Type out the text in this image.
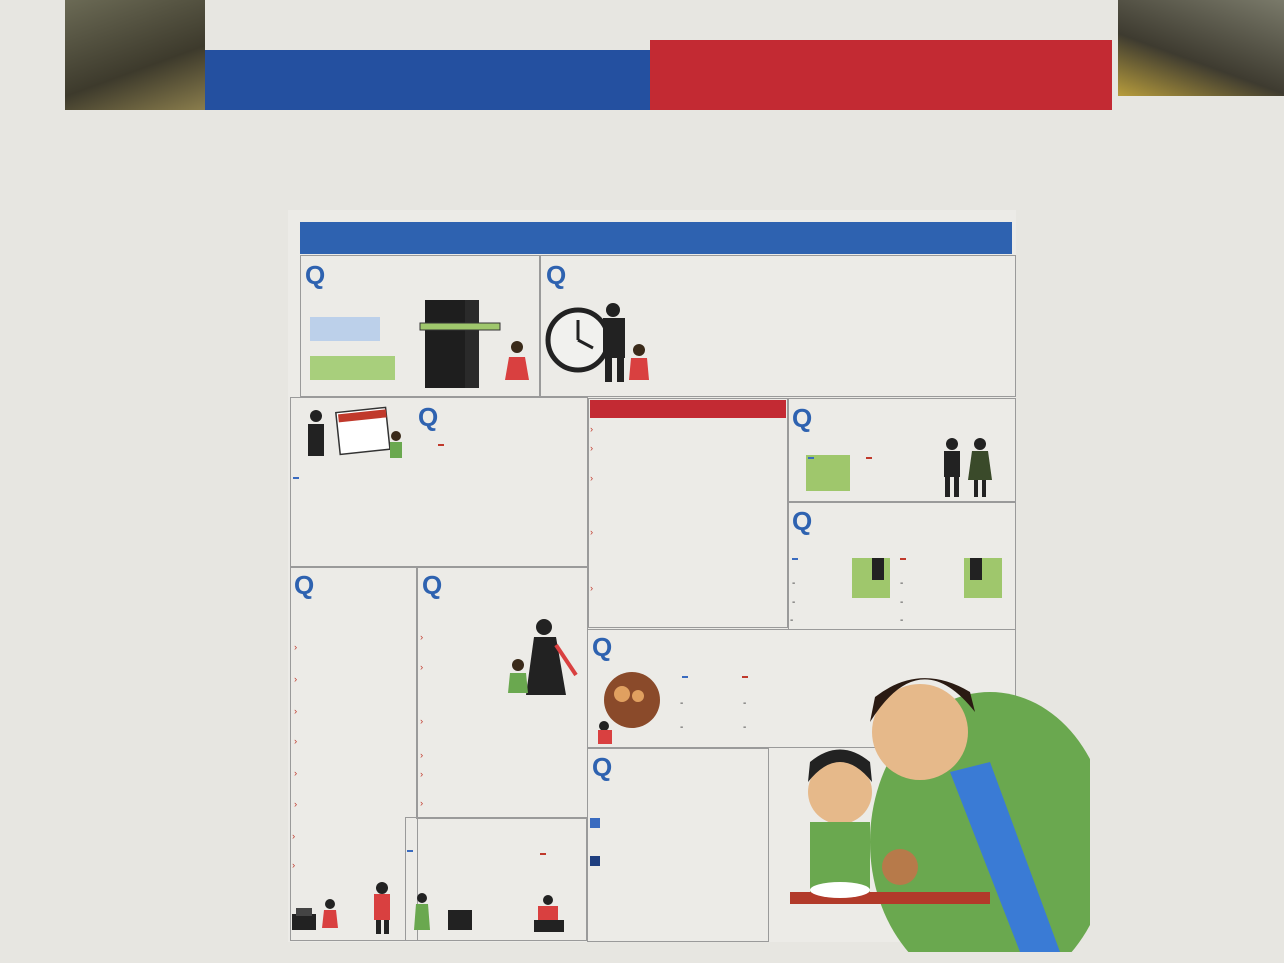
Q	Q
Q	›
›
›
›
›
Q
Q
-
-
-
-
-
-
Q
›
›
›
›
›
›
›
›
Q
›
›
›
›
›
›
Q
-
-
-
-
Q
